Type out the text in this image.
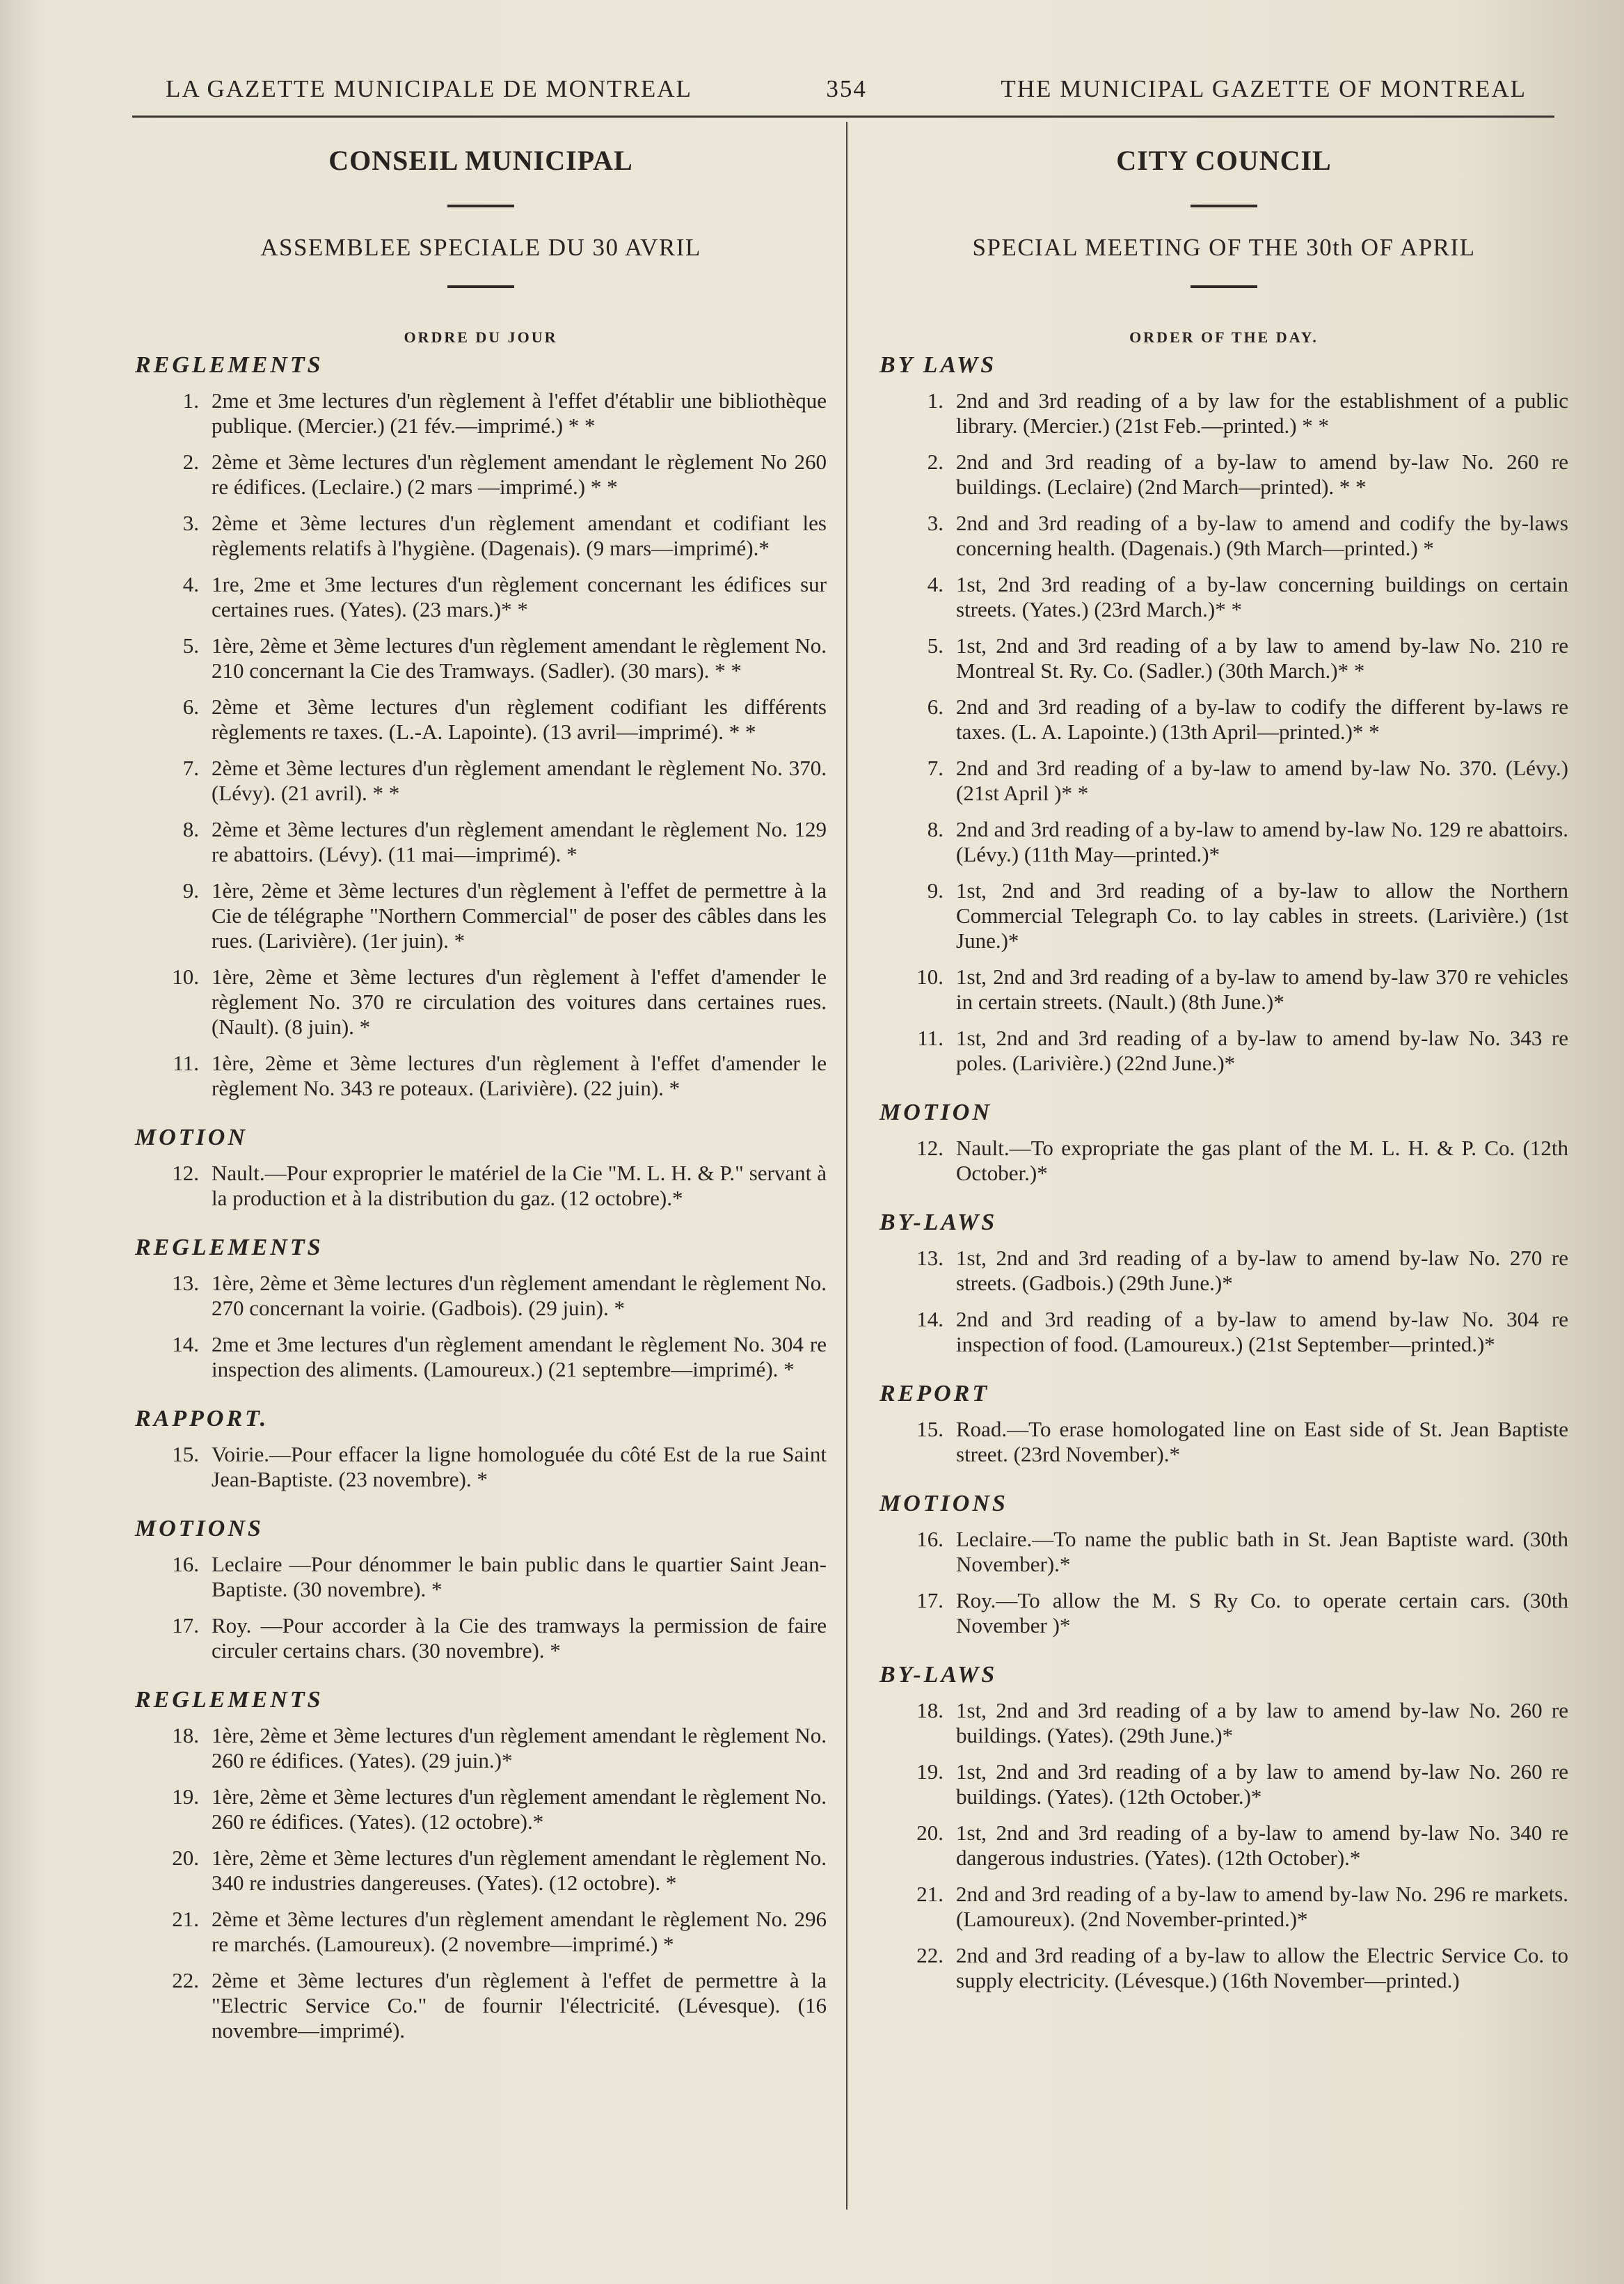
LA GAZETTE MUNICIPALE DE MONTREAL	354	THE MUNICIPAL GAZETTE OF MONTREAL
CONSEIL MUNICIPAL
ASSEMBLEE SPECIALE DU 30 AVRIL
ORDRE DU JOUR
REGLEMENTS
1. 2me et 3me lectures d'un règlement à l'effet d'établir une bibliothèque publique. (Mercier.) (21 fév.—imprimé.) * *
2. 2ème et 3ème lectures d'un règlement amendant le règlement No 260 re édifices. (Leclaire.) (2 mars —imprimé.) * *
3. 2ème et 3ème lectures d'un règlement amendant et codifiant les règlements relatifs à l'hygiène. (Dagenais). (9 mars—imprimé).*
4. 1re, 2me et 3me lectures d'un règlement concernant les édifices sur certaines rues. (Yates). (23 mars.)* *
5. 1ère, 2ème et 3ème lectures d'un règlement amendant le règlement No. 210 concernant la Cie des Tramways. (Sadler). (30 mars). * *
6. 2ème et 3ème lectures d'un règlement codifiant les différents règlements re taxes. (L.-A. Lapointe). (13 avril—imprimé). * *
7. 2ème et 3ème lectures d'un règlement amendant le règlement No. 370. (Lévy). (21 avril). * *
8. 2ème et 3ème lectures d'un règlement amendant le règlement No. 129 re abattoirs. (Lévy). (11 mai—imprimé). *
9. 1ère, 2ème et 3ème lectures d'un règlement à l'effet de permettre à la Cie de télégraphe "Northern Commercial" de poser des câbles dans les rues. (Larivière). (1er juin). *
10. 1ère, 2ème et 3ème lectures d'un règlement à l'effet d'amender le règlement No. 370 re circulation des voitures dans certaines rues. (Nault). (8 juin). *
11. 1ère, 2ème et 3ème lectures d'un règlement à l'effet d'amender le règlement No. 343 re poteaux. (Larivière). (22 juin). *
MOTION
12. Nault.—Pour exproprier le matériel de la Cie "M. L. H. & P." servant à la production et à la distribution du gaz. (12 octobre).*
REGLEMENTS
13. 1ère, 2ème et 3ème lectures d'un règlement amendant le règlement No. 270 concernant la voirie. (Gadbois). (29 juin). *
14. 2me et 3me lectures d'un règlement amendant le règlement No. 304 re inspection des aliments. (Lamoureux.) (21 septembre—imprimé). *
RAPPORT.
15. Voirie.—Pour effacer la ligne homologuée du côté Est de la rue Saint Jean-Baptiste. (23 novembre). *
MOTIONS
16. Leclaire —Pour dénommer le bain public dans le quartier Saint Jean-Baptiste. (30 novembre). *
17. Roy. —Pour accorder à la Cie des tramways la permission de faire circuler certains chars. (30 novembre). *
REGLEMENTS
18. 1ère, 2ème et 3ème lectures d'un règlement amendant le règlement No. 260 re édifices. (Yates). (29 juin.)*
19. 1ère, 2ème et 3ème lectures d'un règlement amendant le règlement No. 260 re édifices. (Yates). (12 octobre).*
20. 1ère, 2ème et 3ème lectures d'un règlement amendant le règlement No. 340 re industries dangereuses. (Yates). (12 octobre). *
21. 2ème et 3ème lectures d'un règlement amendant le règlement No. 296 re marchés. (Lamoureux). (2 novembre—imprimé.) *
22. 2ème et 3ème lectures d'un règlement à l'effet de permettre à la "Electric Service Co." de fournir l'électricité. (Lévesque). (16 novembre—imprimé).
CITY COUNCIL
SPECIAL MEETING OF THE 30th OF APRIL
ORDER OF THE DAY.
BY LAWS
1. 2nd and 3rd reading of a by law for the establishment of a public library. (Mercier.) (21st Feb.—printed.) * *
2. 2nd and 3rd reading of a by-law to amend by-law No. 260 re buildings. (Leclaire) (2nd March—printed). * *
3. 2nd and 3rd reading of a by-law to amend and codify the by-laws concerning health. (Dagenais.) (9th March—printed.) *
4. 1st, 2nd 3rd reading of a by-law concerning buildings on certain streets. (Yates.) (23rd March.)* *
5. 1st, 2nd and 3rd reading of a by law to amend by-law No. 210 re Montreal St. Ry. Co. (Sadler.) (30th March.)* *
6. 2nd and 3rd reading of a by-law to codify the different by-laws re taxes. (L. A. Lapointe.) (13th April—printed.)* *
7. 2nd and 3rd reading of a by-law to amend by-law No. 370. (Lévy.) (21st April )* *
8. 2nd and 3rd reading of a by-law to amend by-law No. 129 re abattoirs. (Lévy.) (11th May—printed.)*
9. 1st, 2nd and 3rd reading of a by-law to allow the Northern Commercial Telegraph Co. to lay cables in streets. (Larivière.) (1st June.)*
10. 1st, 2nd and 3rd reading of a by-law to amend by-law 370 re vehicles in certain streets. (Nault.) (8th June.)*
11. 1st, 2nd and 3rd reading of a by-law to amend by-law No. 343 re poles. (Larivière.) (22nd June.)*
MOTION
12. Nault.—To expropriate the gas plant of the M. L. H. & P. Co. (12th October.)*
BY-LAWS
13. 1st, 2nd and 3rd reading of a by-law to amend by-law No. 270 re streets. (Gadbois.) (29th June.)*
14. 2nd and 3rd reading of a by-law to amend by-law No. 304 re inspection of food. (Lamoureux.) (21st September—printed.)*
REPORT
15. Road.—To erase homologated line on East side of St. Jean Baptiste street. (23rd November).*
MOTIONS
16. Leclaire.—To name the public bath in St. Jean Baptiste ward. (30th November).*
17. Roy.—To allow the M. S Ry Co. to operate certain cars. (30th November )*
BY-LAWS
18. 1st, 2nd and 3rd reading of a by law to amend by-law No. 260 re buildings. (Yates). (29th June.)*
19. 1st, 2nd and 3rd reading of a by law to amend by-law No. 260 re buildings. (Yates). (12th October.)*
20. 1st, 2nd and 3rd reading of a by-law to amend by-law No. 340 re dangerous industries. (Yates). (12th October).*
21. 2nd and 3rd reading of a by-law to amend by-law No. 296 re markets. (Lamoureux). (2nd November-printed.)*
22. 2nd and 3rd reading of a by-law to allow the Electric Service Co. to supply electricity. (Lévesque.) (16th November—printed.)
